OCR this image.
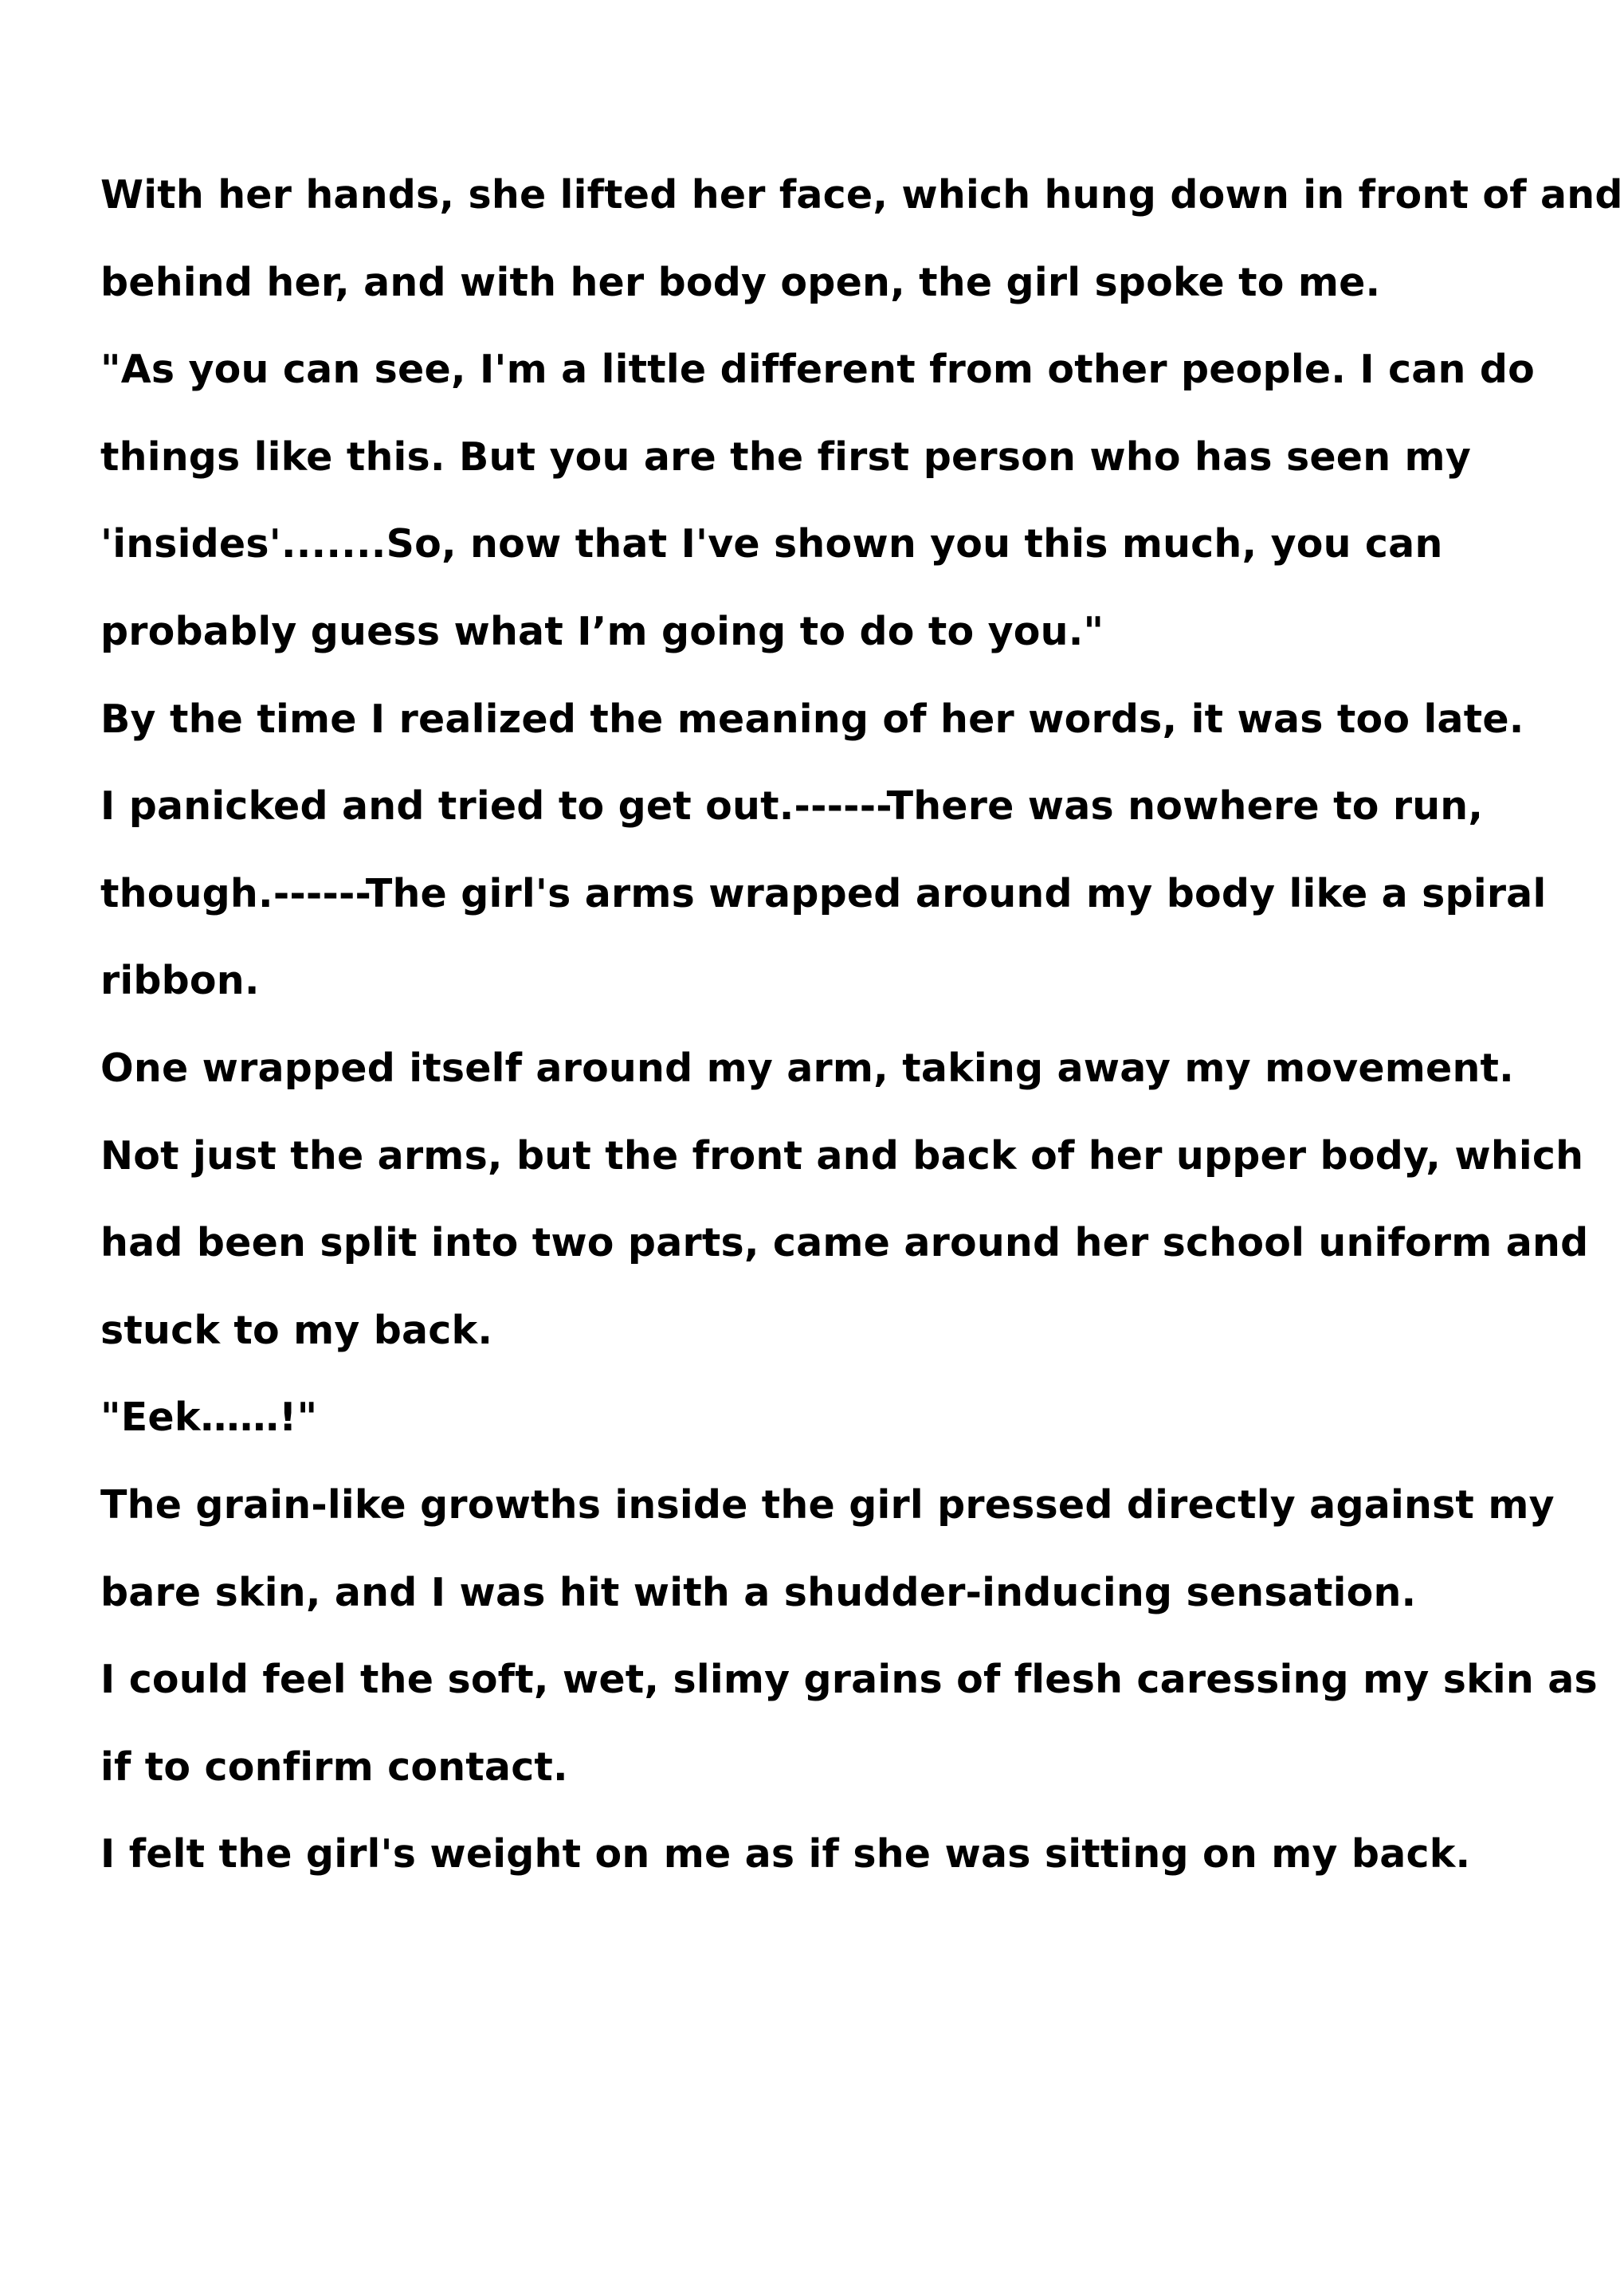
With her hands, she lifted her face, which hung down in front of and
behind her, and with her body open, the girl spoke to me.
"As you can see, I'm a little different from other people. I can do
things like this. But you are the first person who has seen my
'insides'.......So, now that I've shown you this much, you can
probably guess what I’m going to do to you."
By the time I realized the meaning of her words, it was too late.
I panicked and tried to get out.------There was nowhere to run,
though.------The girl's arms wrapped around my body like a spiral
ribbon.
One wrapped itself around my arm, taking away my movement.
Not just the arms, but the front and back of her upper body, which
had been split into two parts, came around her school uniform and
stuck to my back.
"Eek……!"
The grain-like growths inside the girl pressed directly against my
bare skin, and I was hit with a shudder-inducing sensation.
I could feel the soft, wet, slimy grains of flesh caressing my skin as
if to confirm contact.
I felt the girl's weight on me as if she was sitting on my back.
